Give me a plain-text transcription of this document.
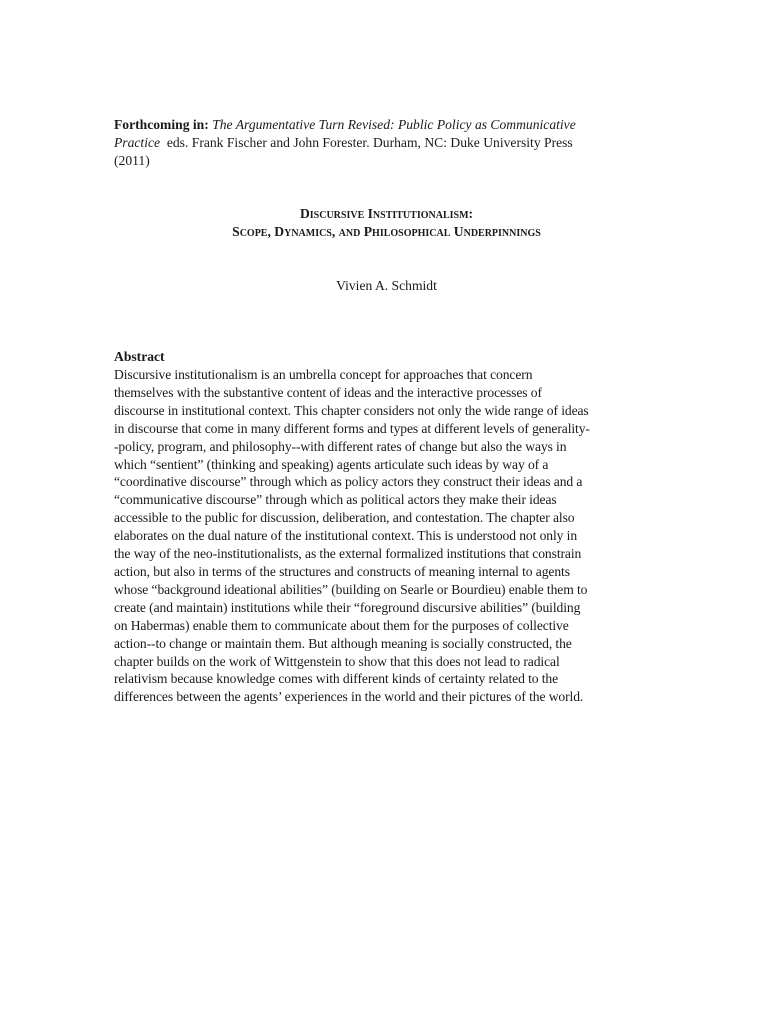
Forthcoming in: The Argumentative Turn Revised: Public Policy as Communicative
Practice eds. Frank Fischer and John Forester. Durham, NC: Duke University Press
(2011)
Discursive Institutionalism:
Scope, Dynamics, and Philosophical Underpinnings
Vivien A. Schmidt
Abstract
Discursive institutionalism is an umbrella concept for approaches that concern
themselves with the substantive content of ideas and the interactive processes of
discourse in institutional context. This chapter considers not only the wide range of ideas
in discourse that come in many different forms and types at different levels of generality-
-policy, program, and philosophy--with different rates of change but also the ways in
which “sentient” (thinking and speaking) agents articulate such ideas by way of a
“coordinative discourse” through which as policy actors they construct their ideas and a
“communicative discourse” through which as political actors they make their ideas
accessible to the public for discussion, deliberation, and contestation. The chapter also
elaborates on the dual nature of the institutional context. This is understood not only in
the way of the neo-institutionalists, as the external formalized institutions that constrain
action, but also in terms of the structures and constructs of meaning internal to agents
whose “background ideational abilities” (building on Searle or Bourdieu) enable them to
create (and maintain) institutions while their “foreground discursive abilities” (building
on Habermas) enable them to communicate about them for the purposes of collective
action--to change or maintain them. But although meaning is socially constructed, the
chapter builds on the work of Wittgenstein to show that this does not lead to radical
relativism because knowledge comes with different kinds of certainty related to the
differences between the agents’ experiences in the world and their pictures of the world.
